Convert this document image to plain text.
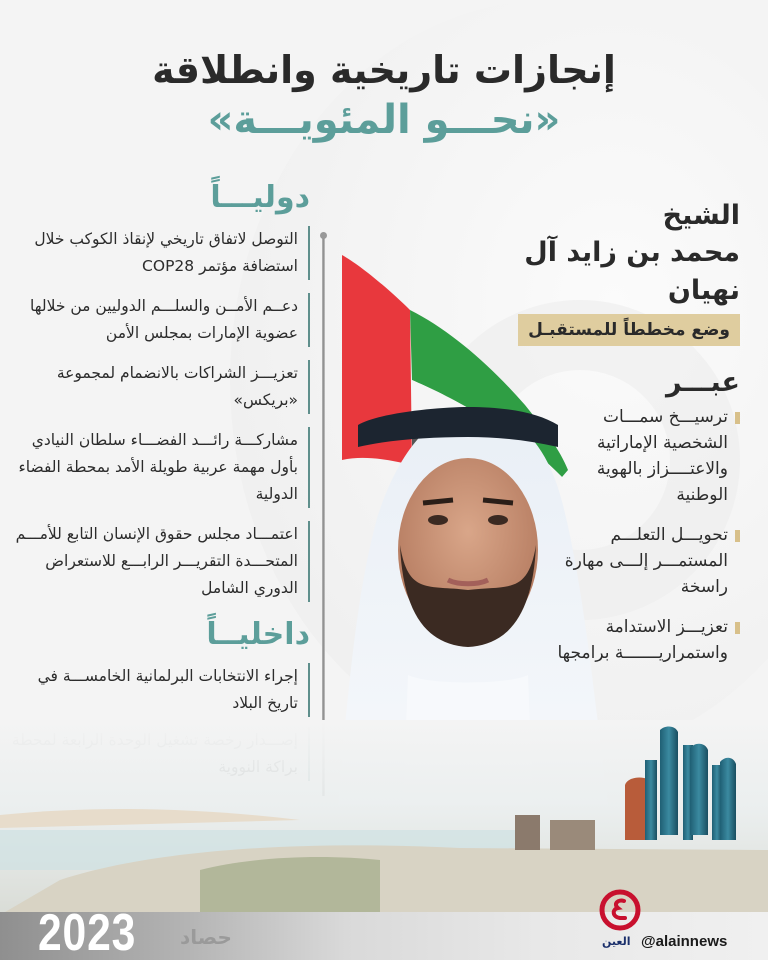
إنجازات تاريخية وانطلاقة
«نحـــو المئويـــة»
دوليـــاً
التوصل لاتفاق تاريخي لإنقاذ الكوكب خلال استضافة مؤتمر COP28
دعــم الأمــن والسلـــم الدوليين من خلالها عضوية الإمارات بمجلس الأمن
تعزيـــز الشراكات بالانضمام لمجموعة «بريكس»
مشاركـــة رائـــد الفضـــاء سلطان النيادي بأول مهمة عربية طويلة الأمد بمحطة الفضاء الدولية
اعتمـــاد مجلس حقوق الإنسان التابع للأمـــم المتحـــدة التقريـــر الرابـــع للاستعراض الدوري الشامل
داخليــاً
إجراء الانتخابات البرلمانية الخامســـة في تاريخ البلاد
الشيخ
محمد بن زايد آل نهيان
وضع مخططاً للمستقبـل
عبـــر
ترسيـــخ سمـــات الشخصية الإماراتية والاعتــــزاز بالهوية الوطنية
تحويـــل التعلـــم المستمـــر إلـــى مهارة راسخة
تعزيـــز الاستدامة واستمراريـــــــة برامجها
2023 حصاد	العين @alainnews
